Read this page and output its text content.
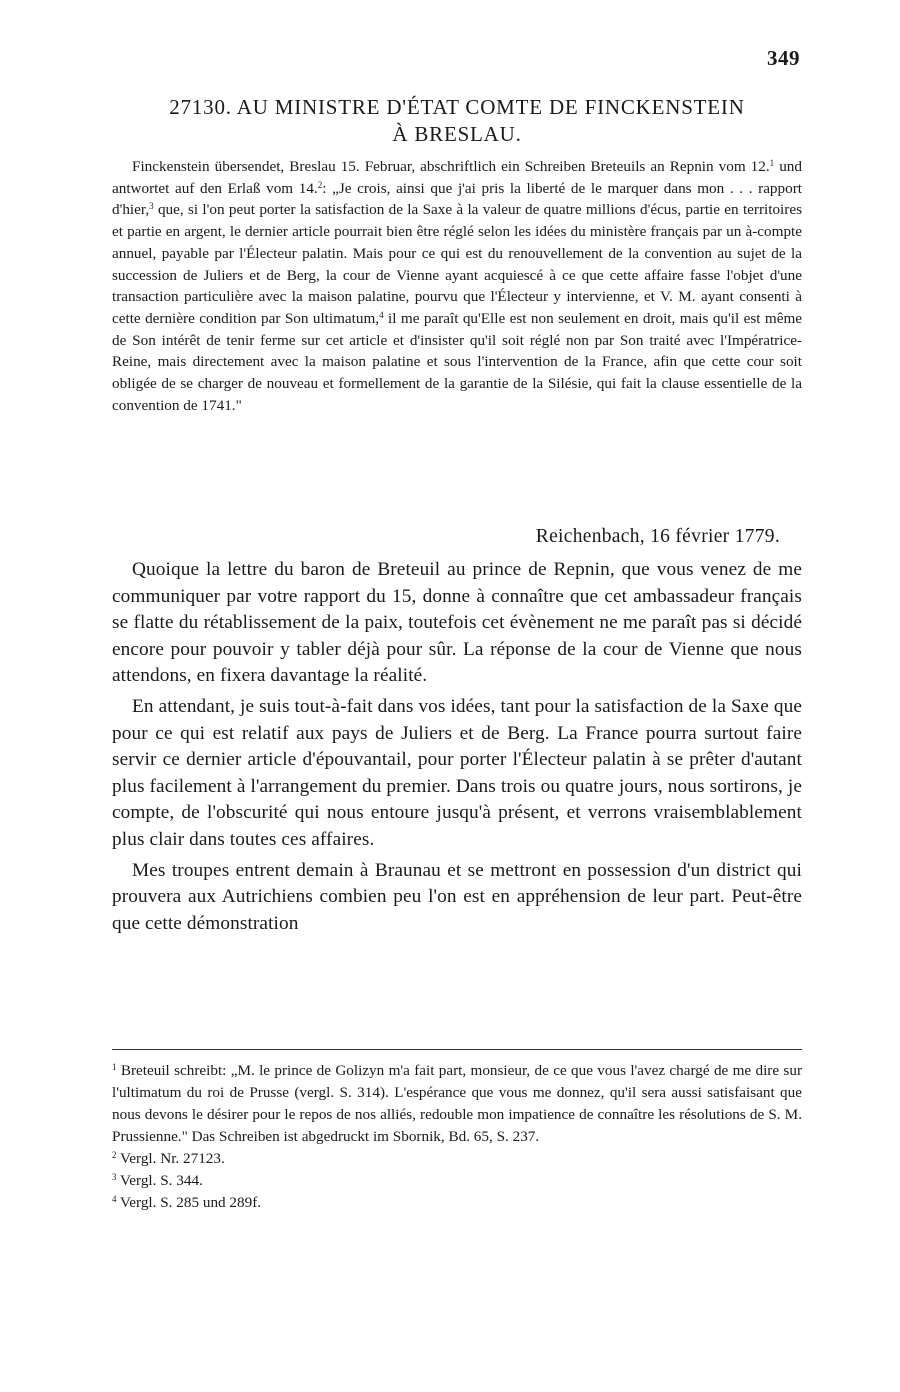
349
27130. AU MINISTRE D'ÉTAT COMTE DE FINCKENSTEIN
À BRESLAU.

Finckenstein übersendet, Breslau 15. Februar, abschriftlich ein Schreiben Breteuils an Repnin vom 12.$^1$ und antwortet auf den Erlaß vom 14.$^2$: „Je crois, ainsi que j'ai pris la liberté de le marquer dans mon . . . rapport d'hier,$^3$ que, si l'on peut porter la satisfaction de la Saxe à la valeur de quatre millions d'écus, partie en territoires et partie en argent, le dernier article pourrait bien être réglé selon les idées du ministère français par un à-compte annuel, payable par l'Électeur palatin. Mais pour ce qui est du renouvellement de la convention au sujet de la succession de Juliers et de Berg, la cour de Vienne ayant acquiescé à ce que cette affaire fasse l'objet d'une transaction particulière avec la maison palatine, pourvu que l'Électeur y intervienne, et V. M. ayant consenti à cette dernière condition par Son ultimatum,$^4$ il me paraît qu'Elle est non seulement en droit, mais qu'il est même de Son intérêt de tenir ferme sur cet article et d'insister qu'il soit réglé non par Son traité avec l'Impératrice-Reine, mais directement avec la maison palatine et sous l'intervention de la France, afin que cette cour soit obligée de se charger de nouveau et formellement de la garantie de la Silésie, qui fait la clause essentielle de la convention de 1741."

Reichenbach, 16 février 1779.

Quoique la lettre du baron de Breteuil au prince de Repnin, que vous venez de me communiquer par votre rapport du 15, donne à connaître que cet ambassadeur français se flatte du rétablissement de la paix, toutefois cet évènement ne me paraît pas si décidé encore pour pouvoir y tabler déjà pour sûr. La réponse de la cour de Vienne que nous attendons, en fixera davantage la réalité.

En attendant, je suis tout-à-fait dans vos idées, tant pour la satisfaction de la Saxe que pour ce qui est relatif aux pays de Juliers et de Berg. La France pourra surtout faire servir ce dernier article d'épouvantail, pour porter l'Électeur palatin à se prêter d'autant plus facilement à l'arrangement du premier. Dans trois ou quatre jours, nous sortirons, je compte, de l'obscurité qui nous entoure jusqu'à présent, et verrons vraisemblablement plus clair dans toutes ces affaires.

Mes troupes entrent demain à Braunau et se mettront en possession d'un district qui prouvera aux Autrichiens combien peu l'on est en appréhension de leur part. Peut-être que cette démonstration

$^1$ Breteuil schreibt: „M. le prince de Golizyn m'a fait part, monsieur, de ce que vous l'avez chargé de me dire sur l'ultimatum du roi de Prusse (vergl. S. 314). L'espérance que vous me donnez, qu'il sera aussi satisfaisant que nous devons le désirer pour le repos de nos alliés, redouble mon impatience de connaître les résolutions de S. M. Prussienne." Das Schreiben ist abgedruckt im Sbornik, Bd. 65, S. 237.

$^2$ Vergl. Nr. 27123.

$^3$ Vergl. S. 344.

$^4$ Vergl. S. 285 und 289f.
